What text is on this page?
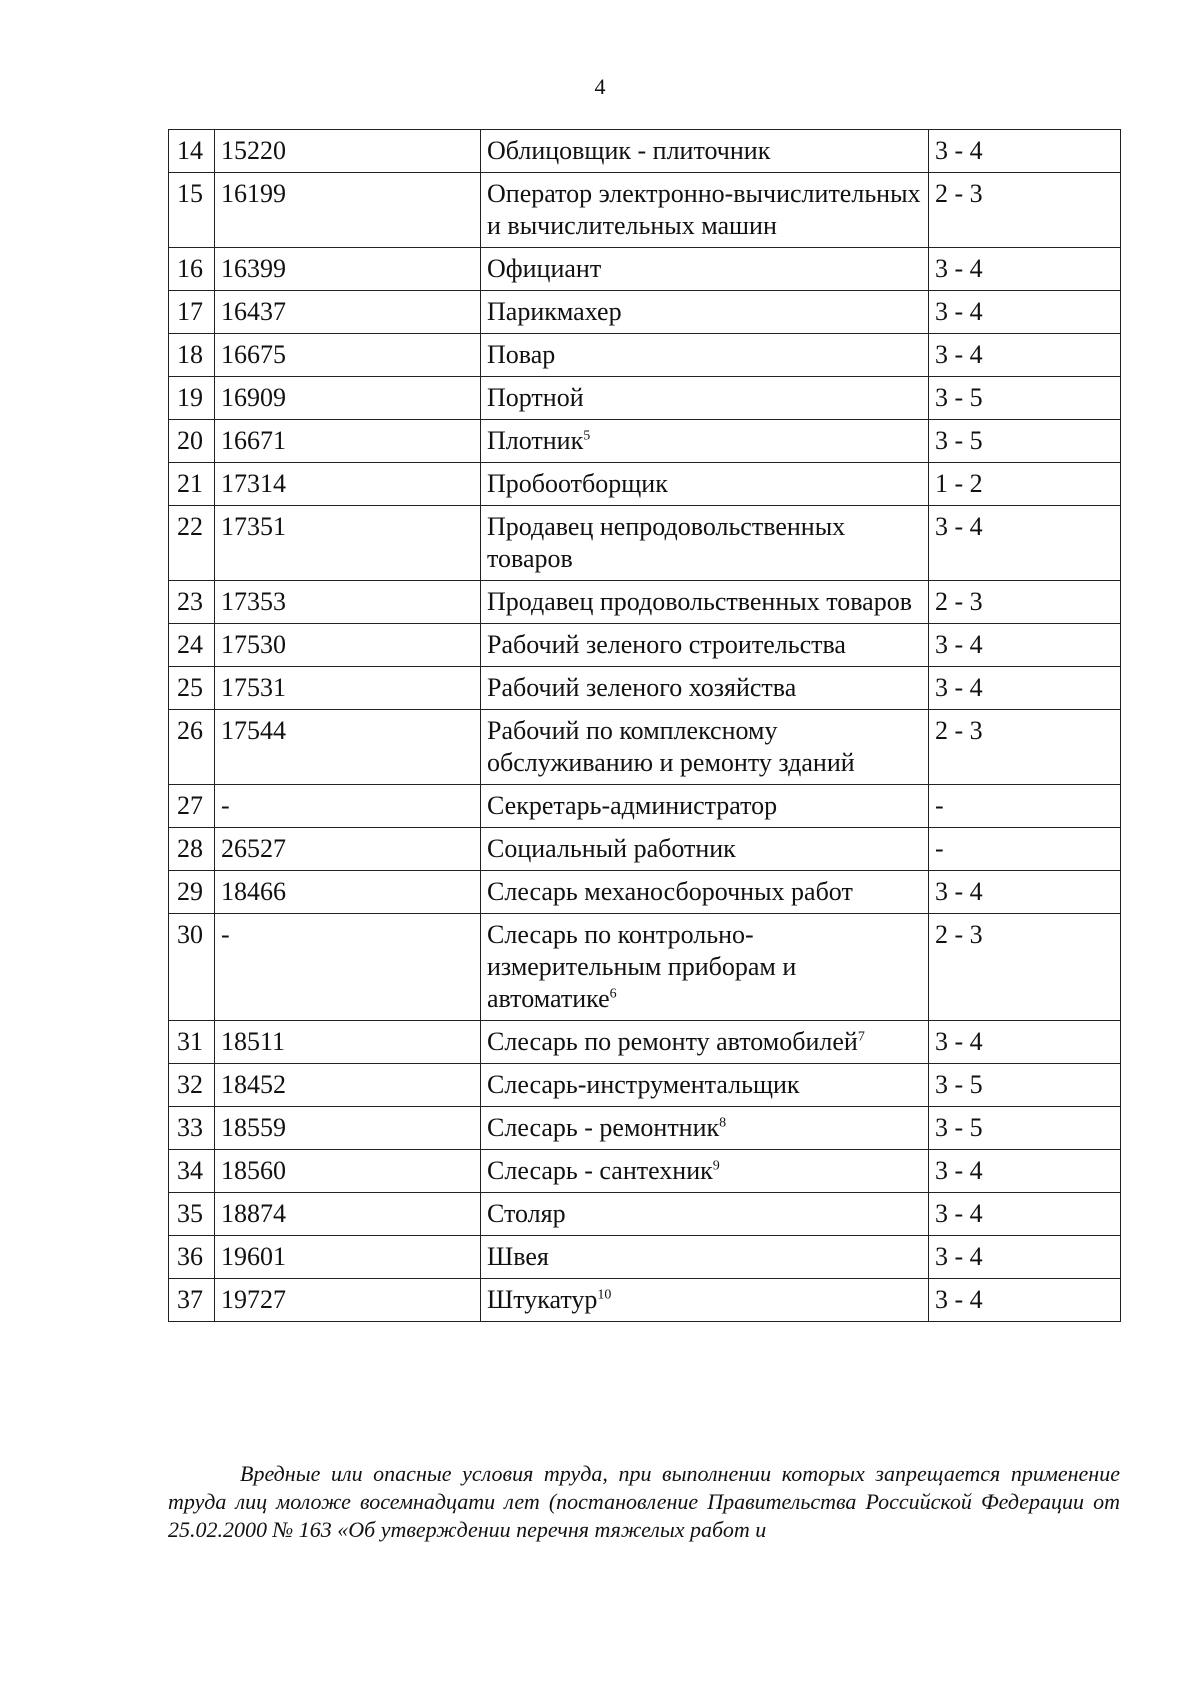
4
14	15220	Облицовщик - плиточник	3 - 4
15	16199	Оператор электронно-вычислительных и вычислительных машин	2 - 3
16	16399	Официант	3 - 4
17	16437	Парикмахер	3 - 4
18	16675	Повар	3 - 4
19	16909	Портной	3 - 5
20	16671	Плотник$^5$	3 - 5
21	17314	Пробоотборщик	1 - 2
22	17351	Продавец непродовольственных товаров	3 - 4
23	17353	Продавец продовольственных товаров	2 - 3
24	17530	Рабочий зеленого строительства	3 - 4
25	17531	Рабочий зеленого хозяйства	3 - 4
26	17544	Рабочий по комплексному обслуживанию и ремонту зданий	2 - 3
27	-	Секретарь-администратор	-
28	26527	Социальный работник	-
29	18466	Слесарь механосборочных работ	3 - 4
30	-	Слесарь по контрольно-измерительным приборам и автоматике$^6$	2 - 3
31	18511	Слесарь по ремонту автомобилей$^7$	3 - 4
32	18452	Слесарь-инструментальщик	3 - 5
33	18559	Слесарь - ремонтник$^8$	3 - 5
34	18560	Слесарь - сантехник$^9$	3 - 4
35	18874	Столяр	3 - 4
36	19601	Швея	3 - 4
37	19727	Штукатур$^{10}$	3 - 4
Вредные или опасные условия труда, при выполнении которых запрещается применение труда лиц моложе восемнадцати лет (постановление Правительства Российской Федерации от 25.02.2000 № 163 «Об утверждении перечня тяжелых работ и
